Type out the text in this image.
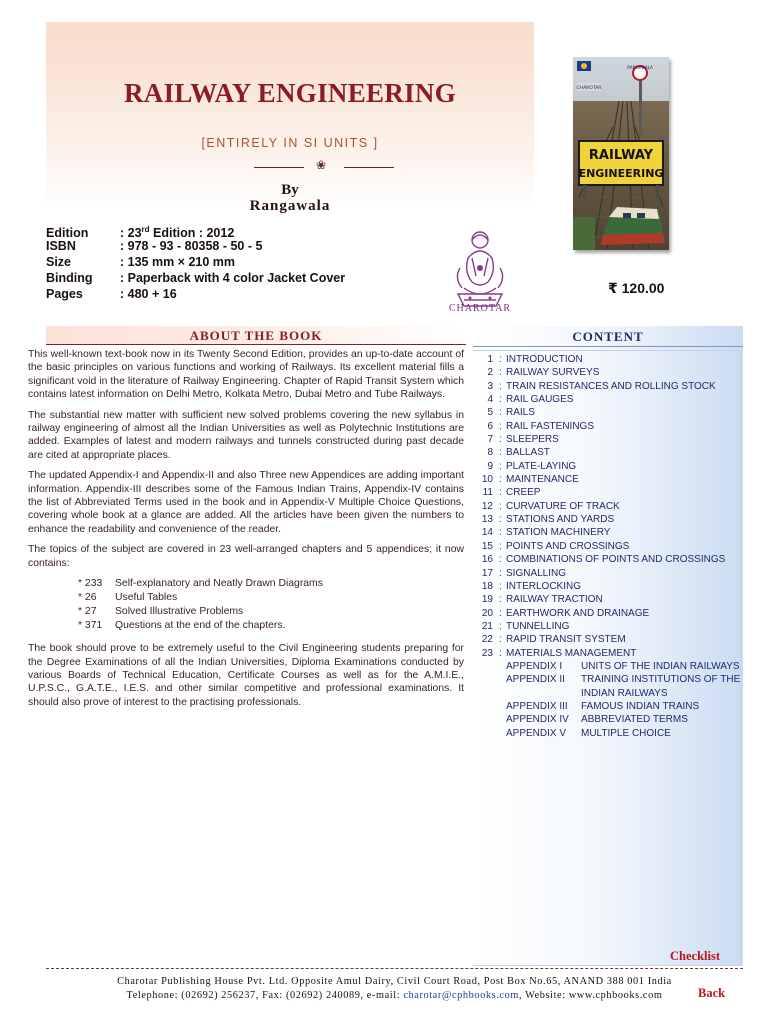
RAILWAY ENGINEERING
[ENTIRELY IN SI UNITS ]
❀
By
Rangawala
Edition	: 23rd Edition : 2012
ISBN	: 978 - 93 - 80358 - 50 - 5
Size	: 135 mm × 210 mm
Binding : Paperback with 4 color Jacket Cover
Pages	: 480 + 16
CHAROTAR
RANGAWALA
CHAROTAR
RAILWAY
ENGINEERING
₹ 120.00
ABOUT THE BOOK

This well-known text-book now in its Twenty Second Edition, provides an up-to-date account of the basic principles on various functions and working of Railways. Its excellent material fills a significant void in the literature of Railway Engineering. Chapter of Rapid Transit System which contains latest information on Delhi Metro, Kolkata Metro, Dubai Metro and Tube Railways.

The substantial new matter with sufficient new solved problems covering the new syllabus in railway engineering of almost all the Indian Universities as well as Polytechnic Institutions are added. Examples of latest and modern railways and tunnels constructed during past decade are cited at appropriate places.

The updated Appendix-I and Appendix-II and also Three new Appendices are adding important information. Appendix-III describes some of the Famous Indian Trains, Appendix-IV contains the list of Abbreviated Terms used in the book and in Appendix-V Multiple Choice Questions, covering whole book at a glance are added. All the articles have been given the numbers to enhance the readability and convenience of the reader.

The topics of the subject are covered in 23 well-arranged chapters and 5 appendices; it now contains:

* 233	Self-explanatory and Neatly Drawn Diagrams
* 26	Useful Tables
* 27	Solved Illustrative Problems
* 371	Questions at the end of the chapters.

The book should prove to be extremely useful to the Civil Engineering students preparing for the Degree Examinations of all the Indian Universities, Diploma Examinations conducted by various Boards of Technical Education, Certificate Courses as well as for the A.M.I.E., U.P.S.C., G.A.T.E., I.E.S. and other similar competitive and professional examinations. It should also prove of interest to the practising professionals.

CONTENT
1 : INTRODUCTION
2 : RAILWAY SURVEYS
3 : TRAIN RESISTANCES AND ROLLING STOCK
4 : RAIL GAUGES
5 : RAILS
6 : RAIL FASTENINGS
7 : SLEEPERS
8 : BALLAST
9 : PLATE-LAYING
10 : MAINTENANCE
11 : CREEP
12 : CURVATURE OF TRACK
13 : STATIONS AND YARDS
14 : STATION MACHINERY
15 : POINTS AND CROSSINGS
16 : COMBINATIONS OF POINTS AND CROSSINGS
17 : SIGNALLING
18 : INTERLOCKING
19 : RAILWAY TRACTION
20 : EARTHWORK AND DRAINAGE
21 : TUNNELLING
22 : RAPID TRANSIT SYSTEM
23 : MATERIALS MANAGEMENT
APPENDIX I UNITS OF THE INDIAN RAILWAYS
APPENDIX II TRAINING INSTITUTIONS OF THE
INDIAN RAILWAYS
APPENDIX III FAMOUS INDIAN TRAINS
APPENDIX IV ABBREVIATED TERMS
APPENDIX V MULTIPLE CHOICE
Checklist
Charotar Publishing House Pvt. Ltd. Opposite Amul Dairy, Civil Court Road, Post Box No.65, ANAND 388 001 India
Telephone: (02692) 256237, Fax: (02692) 240089, e-mail: charotar@cphbooks.com, Website: www.cphbooks.com	Back
